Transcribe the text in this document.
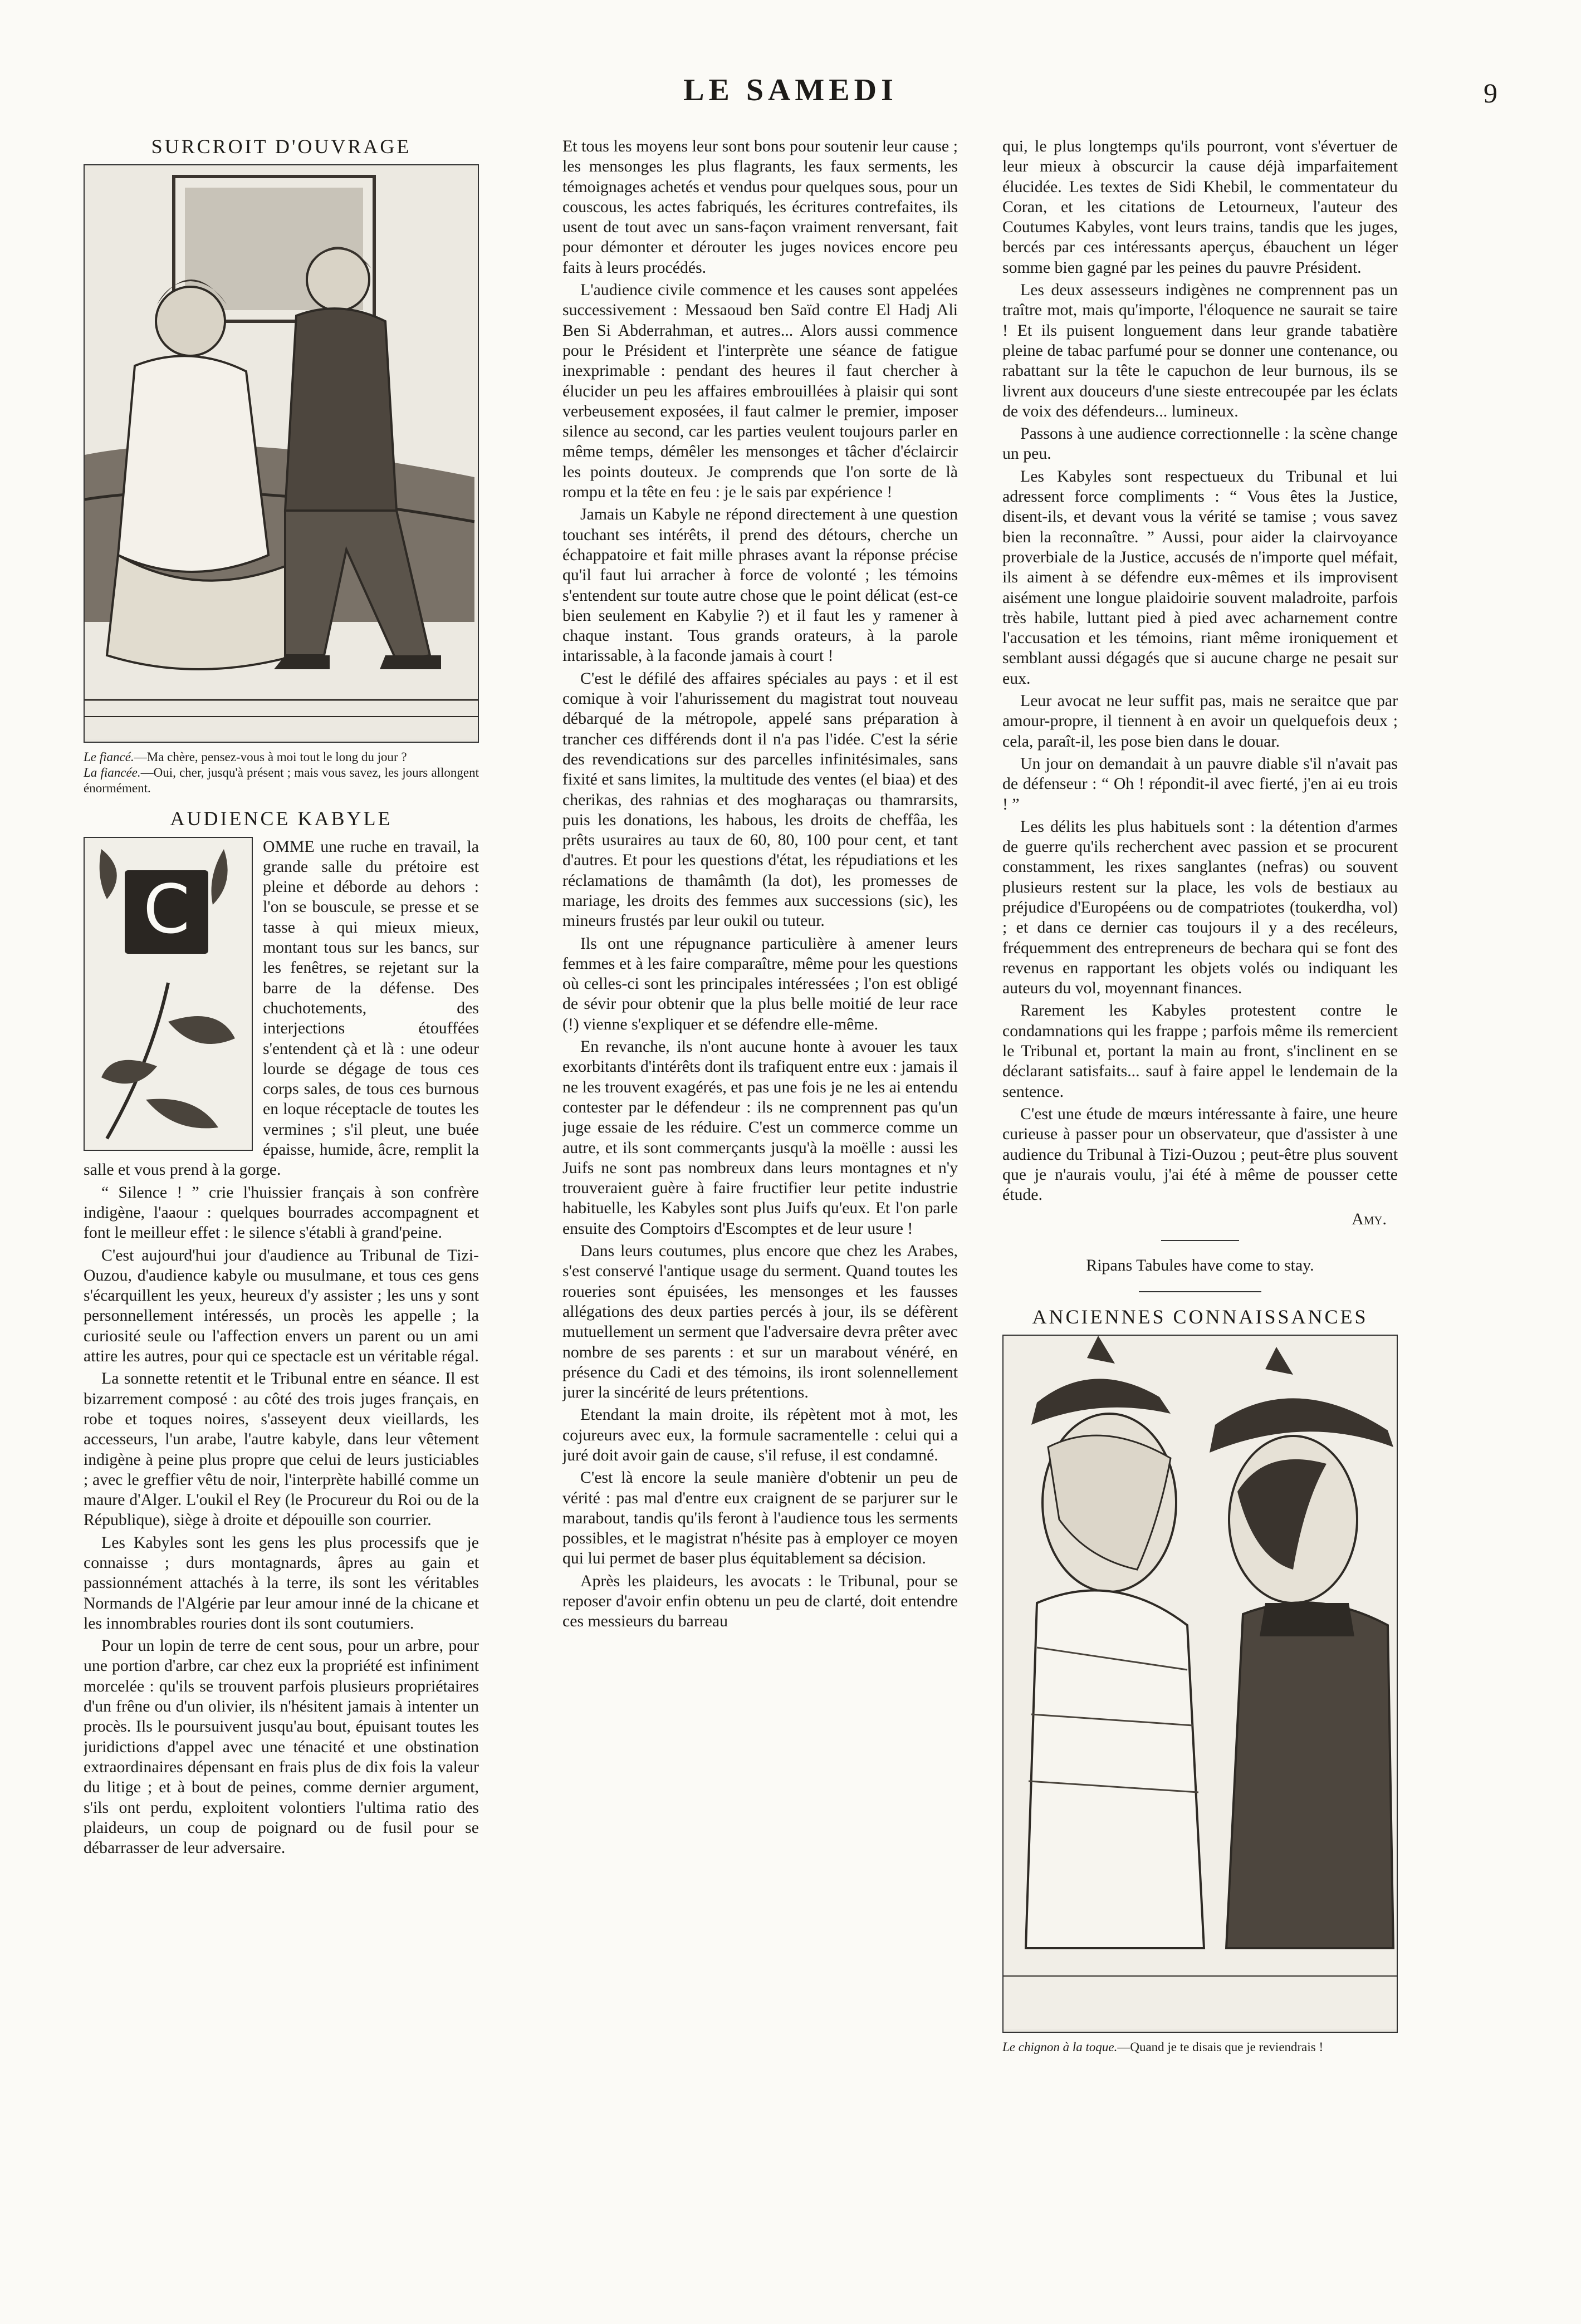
LE SAMEDI	9
SURCROIT D'OUVRAGE
Le fiancé.—Ma chère, pensez-vous à moi tout le long du jour ?
La fiancée.—Oui, cher, jusqu'à présent ; mais vous savez, les jours allongent énormément.
AUDIENCE KABYLE
C

OMME une ruche en travail, la grande salle du prétoire est pleine et déborde au dehors : l'on se bouscule, se presse et se tasse à qui mieux mieux, montant tous sur les bancs, sur les fenêtres, se rejetant sur la barre de la défense. Des chuchotements, des interjections étouffées s'entendent çà et là : une odeur lourde se dégage de tous ces corps sales, de tous ces burnous en loque réceptacle de toutes les vermines ; s'il pleut, une buée épaisse, humide, âcre, remplit la salle et vous prend à la gorge.

“ Silence ! ” crie l'huissier français à son confrère indigène, l'aaour : quelques bourrades accompagnent et font le meilleur effet : le silence s'établi à grand'peine.

C'est aujourd'hui jour d'audience au Tribunal de Tizi-Ouzou, d'audience kabyle ou musulmane, et tous ces gens s'écarquillent les yeux, heureux d'y assister ; les uns y sont personnellement intéressés, un procès les appelle ; la curiosité seule ou l'affection envers un parent ou un ami attire les autres, pour qui ce spectacle est un véritable régal.

La sonnette retentit et le Tribunal entre en séance. Il est bizarrement composé : au côté des trois juges français, en robe et toques noires, s'asseyent deux vieillards, les accesseurs, l'un arabe, l'autre kabyle, dans leur vêtement indigène à peine plus propre que celui de leurs justiciables ; avec le greffier vêtu de noir, l'interprète habillé comme un maure d'Alger. L'oukil el Rey (le Procureur du Roi ou de la République), siège à droite et dépouille son courrier.

Les Kabyles sont les gens les plus processifs que je connaisse ; durs montagnards, âpres au gain et passionnément attachés à la terre, ils sont les véritables Normands de l'Algérie par leur amour inné de la chicane et les innombrables rouries dont ils sont coutumiers.

Pour un lopin de terre de cent sous, pour un arbre, pour une portion d'arbre, car chez eux la propriété est infiniment morcelée : qu'ils se trouvent parfois plusieurs propriétaires d'un frêne ou d'un olivier, ils n'hésitent jamais à intenter un procès. Ils le poursuivent jusqu'au bout, épuisant toutes les juridictions d'appel avec une ténacité et une obstination extraordinaires dépensant en frais plus de dix fois la valeur du litige ; et à bout de peines, comme dernier argument, s'ils ont perdu, exploitent volontiers l'ultima ratio des plaideurs, un coup de poignard ou de fusil pour se débarrasser de leur adversaire.

Et tous les moyens leur sont bons pour soutenir leur cause ; les mensonges les plus flagrants, les faux serments, les témoignages achetés et vendus pour quelques sous, pour un couscous, les actes fabriqués, les écritures contrefaites, ils usent de tout avec un sans-façon vraiment renversant, fait pour démonter et dérouter les juges novices encore peu faits à leurs procédés.

L'audience civile commence et les causes sont appelées successivement : Messaoud ben Saïd contre El Hadj Ali Ben Si Abderrahman, et autres... Alors aussi commence pour le Président et l'interprète une séance de fatigue inexprimable : pendant des heures il faut chercher à élucider un peu les affaires embrouillées à plaisir qui sont verbeusement exposées, il faut calmer le premier, imposer silence au second, car les parties veulent toujours parler en même temps, démêler les mensonges et tâcher d'éclaircir les points douteux. Je comprends que l'on sorte de là rompu et la tête en feu : je le sais par expérience !

Jamais un Kabyle ne répond directement à une question touchant ses intérêts, il prend des détours, cherche un échappatoire et fait mille phrases avant la réponse précise qu'il faut lui arracher à force de volonté ; les témoins s'entendent sur toute autre chose que le point délicat (est-ce bien seulement en Kabylie ?) et il faut les y ramener à chaque instant. Tous grands orateurs, à la parole intarissable, à la faconde jamais à court !

C'est le défilé des affaires spéciales au pays : et il est comique à voir l'ahurissement du magistrat tout nouveau débarqué de la métropole, appelé sans préparation à trancher ces différends dont il n'a pas l'idée. C'est la série des revendications sur des parcelles infinitésimales, sans fixité et sans limites, la multitude des ventes (el biaa) et des cherikas, des rahnias et des mogharaças ou thamrarsits, puis les donations, les habous, les droits de cheffâa, les prêts usuraires au taux de 60, 80, 100 pour cent, et tant d'autres. Et pour les questions d'état, les répudiations et les réclamations de thamâmth (la dot), les promesses de mariage, les droits des femmes aux successions (sic), les mineurs frustés par leur oukil ou tuteur.

Ils ont une répugnance particulière à amener leurs femmes et à les faire comparaître, même pour les questions où celles-ci sont les principales intéressées ; l'on est obligé de sévir pour obtenir que la plus belle moitié de leur race (!) vienne s'expliquer et se défendre elle-même.

En revanche, ils n'ont aucune honte à avouer les taux exorbitants d'intérêts dont ils trafiquent entre eux : jamais il ne les trouvent exagérés, et pas une fois je ne les ai entendu contester par le défendeur : ils ne comprennent pas qu'un juge essaie de les réduire. C'est un commerce comme un autre, et ils sont commerçants jusqu'à la moëlle : aussi les Juifs ne sont pas nombreux dans leurs montagnes et n'y trouveraient guère à faire fructifier leur petite industrie habituelle, les Kabyles sont plus Juifs qu'eux. Et l'on parle ensuite des Comptoirs d'Escomptes et de leur usure !

Dans leurs coutumes, plus encore que chez les Arabes, s'est conservé l'antique usage du serment. Quand toutes les roueries sont épuisées, les mensonges et les fausses allégations des deux parties percés à jour, ils se défèrent mutuellement un serment que l'adversaire devra prêter avec nombre de ses parents : et sur un marabout vénéré, en présence du Cadi et des témoins, ils iront solennellement jurer la sincérité de leurs prétentions.

Etendant la main droite, ils répètent mot à mot, les cojureurs avec eux, la formule sacramentelle : celui qui a juré doit avoir gain de cause, s'il refuse, il est condamné.

C'est là encore la seule manière d'obtenir un peu de vérité : pas mal d'entre eux craignent de se parjurer sur le marabout, tandis qu'ils feront à l'audience tous les serments possibles, et le magistrat n'hésite pas à employer ce moyen qui lui permet de baser plus équitablement sa décision.

Après les plaideurs, les avocats : le Tribunal, pour se reposer d'avoir enfin obtenu un peu de clarté, doit entendre ces messieurs du barreau

qui, le plus longtemps qu'ils pourront, vont s'évertuer de leur mieux à obscurcir la cause déjà imparfaitement élucidée. Les textes de Sidi Khebil, le commentateur du Coran, et les citations de Letourneux, l'auteur des Coutumes Kabyles, vont leurs trains, tandis que les juges, bercés par ces intéressants aperçus, ébauchent un léger somme bien gagné par les peines du pauvre Président.

Les deux assesseurs indigènes ne comprennent pas un traître mot, mais qu'importe, l'éloquence ne saurait se taire ! Et ils puisent longuement dans leur grande tabatière pleine de tabac parfumé pour se donner une contenance, ou rabattant sur la tête le capuchon de leur burnous, ils se livrent aux douceurs d'une sieste entrecoupée par les éclats de voix des défendeurs... lumineux.

Passons à une audience correctionnelle : la scène change un peu.

Les Kabyles sont respectueux du Tribunal et lui adressent force compliments : “ Vous êtes la Justice, disent-ils, et devant vous la vérité se tamise ; vous savez bien la reconnaître. ” Aussi, pour aider la clairvoyance proverbiale de la Justice, accusés de n'importe quel méfait, ils aiment à se défendre eux-mêmes et ils improvisent aisément une longue plaidoirie souvent maladroite, parfois très habile, luttant pied à pied avec acharnement contre l'accusation et les témoins, riant même ironiquement et semblant aussi dégagés que si aucune charge ne pesait sur eux.

Leur avocat ne leur suffit pas, mais ne seraitce que par amour-propre, il tiennent à en avoir un quelquefois deux ; cela, paraît-il, les pose bien dans le douar.

Un jour on demandait à un pauvre diable s'il n'avait pas de défenseur : “ Oh ! répondit-il avec fierté, j'en ai eu trois ! ”

Les délits les plus habituels sont : la détention d'armes de guerre qu'ils recherchent avec passion et se procurent constamment, les rixes sanglantes (nefras) ou souvent plusieurs restent sur la place, les vols de bestiaux au préjudice d'Européens ou de compatriotes (toukerdha, vol) ; et dans ce dernier cas toujours il y a des recéleurs, fréquemment des entrepreneurs de bechara qui se font des revenus en rapportant les objets volés ou indiquant les auteurs du vol, moyennant finances.

Rarement les Kabyles protestent contre le condamnations qui les frappe ; parfois même ils remercient le Tribunal et, portant la main au front, s'inclinent en se déclarant satisfaits... sauf à faire appel le lendemain de la sentence.

C'est une étude de mœurs intéressante à faire, une heure curieuse à passer pour un observateur, que d'assister à une audience du Tribunal à Tizi-Ouzou ; peut-être plus souvent que je n'aurais voulu, j'ai été à même de pousser cette étude.

Amy.
Ripans Tabules have come to stay.
ANCIENNES CONNAISSANCES
Le chignon à la toque.—Quand je te disais que je reviendrais !
